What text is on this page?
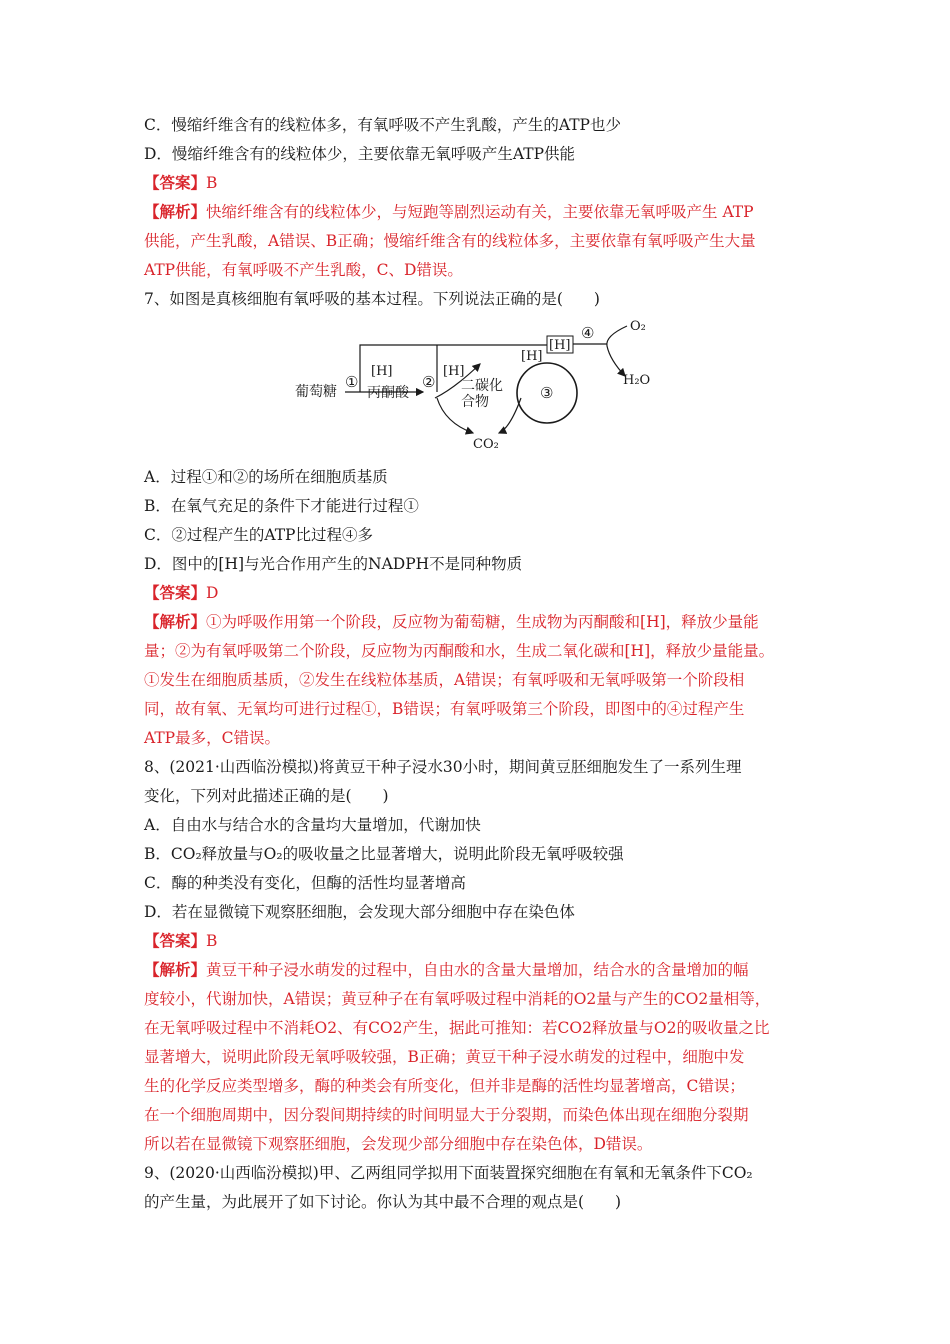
C．慢缩纤维含有的线粒体多，有氧呼吸不产生乳酸，产生的ATP也少
D．慢缩纤维含有的线粒体少，主要依靠无氧呼吸产生ATP供能
【答案】B
【解析】快缩纤维含有的线粒体少，与短跑等剧烈运动有关，主要依靠无氧呼吸产生 ATP
供能，产生乳酸，A错误、B正确；慢缩纤维含有的线粒体多，主要依靠有氧呼吸产生大量
ATP供能，有氧呼吸不产生乳酸，C、D错误。
7、如图是真核细胞有氧呼吸的基本过程。下列说法正确的是(　　)
葡萄糖
①
[H]
丙酮酸
②
[H]
二碳化
合物	③
[H]
[H]
④	O₂
H₂O
CO₂
A．过程①和②的场所在细胞质基质
B．在氧气充足的条件下才能进行过程①
C．②过程产生的ATP比过程④多
D．图中的[H]与光合作用产生的NADPH不是同种物质
【答案】D
【解析】①为呼吸作用第一个阶段，反应物为葡萄糖，生成物为丙酮酸和[H]，释放少量能
量；②为有氧呼吸第二个阶段，反应物为丙酮酸和水，生成二氧化碳和[H]，释放少量能量。
①发生在细胞质基质，②发生在线粒体基质，A错误；有氧呼吸和无氧呼吸第一个阶段相
同，故有氧、无氧均可进行过程①，B错误；有氧呼吸第三个阶段，即图中的④过程产生
ATP最多，C错误。
8、(2021·山西临汾模拟)将黄豆干种子浸水30小时，期间黄豆胚细胞发生了一系列生理
变化，下列对此描述正确的是(　　)
A．自由水与结合水的含量均大量增加，代谢加快
B．CO₂释放量与O₂的吸收量之比显著增大，说明此阶段无氧呼吸较强
C．酶的种类没有变化，但酶的活性均显著增高
D．若在显微镜下观察胚细胞，会发现大部分细胞中存在染色体
【答案】B
【解析】黄豆干种子浸水萌发的过程中，自由水的含量大量增加，结合水的含量增加的幅
度较小，代谢加快，A错误；黄豆种子在有氧呼吸过程中消耗的O2量与产生的CO2量相等，
在无氧呼吸过程中不消耗O2、有CO2产生，据此可推知：若CO2释放量与O2的吸收量之比
显著增大，说明此阶段无氧呼吸较强，B正确；黄豆干种子浸水萌发的过程中，细胞中发
生的化学反应类型增多，酶的种类会有所变化，但并非是酶的活性均显著增高，C错误；
在一个细胞周期中，因分裂间期持续的时间明显大于分裂期，而染色体出现在细胞分裂期
所以若在显微镜下观察胚细胞，会发现少部分细胞中存在染色体，D错误。
9、(2020·山西临汾模拟)甲、乙两组同学拟用下面装置探究细胞在有氧和无氧条件下CO₂
的产生量，为此展开了如下讨论。你认为其中最不合理的观点是(　　)
